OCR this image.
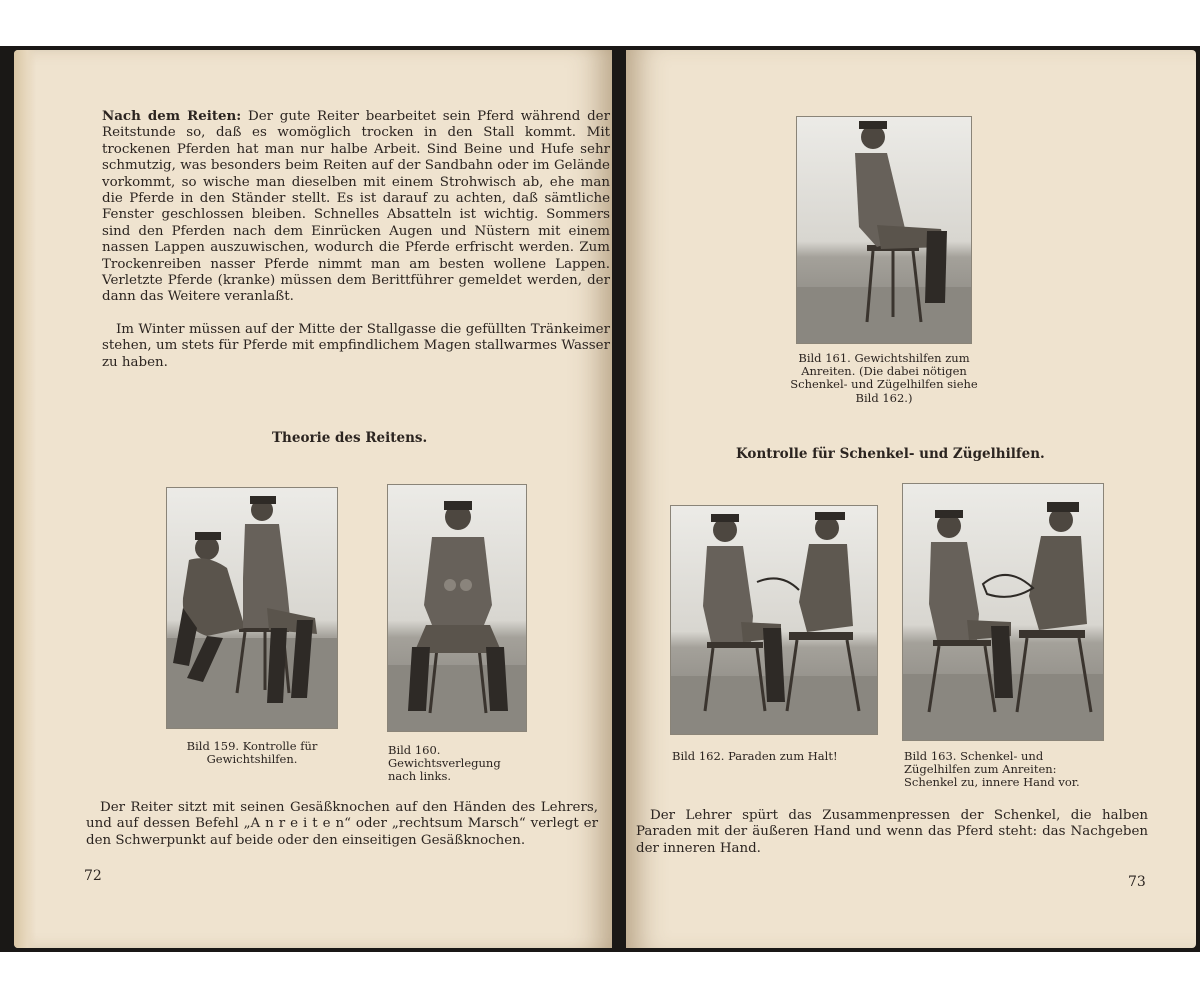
Nach dem Reiten: Der gute Reiter bearbeitet sein Pferd während der Reitstunde so, daß es womöglich trocken in den Stall kommt. Mit trockenen Pferden hat man nur halbe Arbeit. Sind Beine und Hufe sehr schmutzig, was besonders beim Reiten auf der Sandbahn oder im Gelände vorkommt, so wische man dieselben mit einem Strohwisch ab, ehe man die Pferde in den Ständer stellt. Es ist darauf zu achten, daß sämtliche Fenster geschlossen bleiben. Schnelles Absatteln ist wichtig. Sommers sind den Pferden nach dem Einrücken Augen und Nüstern mit einem nassen Lappen auszuwischen, wodurch die Pferde erfrischt werden. Zum Trockenreiben nasser Pferde nimmt man am besten wollene Lappen. Verletzte Pferde (kranke) müssen dem Berittführer gemeldet werden, der dann das Weitere veranlaßt.

Im Winter müssen auf der Mitte der Stallgasse die gefüllten Tränkeimer stehen, um stets für Pferde mit empfindlichem Magen stallwarmes Wasser zu haben.

Theorie des Reitens.
Bild 159. Kontrolle für Gewichtshilfen.
Bild 160. Gewichtsverlegung nach links.

Der Reiter sitzt mit seinen Gesäßknochen auf den Händen des Lehrers, und auf dessen Befehl „A n r e i t e n“ oder „rechtsum Marsch“ verlegt er den Schwerpunkt auf beide oder den einseitigen Gesäßknochen.

72
Bild 161. Gewichtshilfen zum Anreiten. (Die dabei nötigen Schenkel- und Zügelhilfen siehe Bild 162.)
Kontrolle für Schenkel- und Zügelhilfen.
Bild 162. Paraden zum Halt!	Bild 163. Schenkel- und Zügelhilfen zum Anreiten: Schenkel zu, innere Hand vor.

Der Lehrer spürt das Zusammenpressen der Schenkel, die halben Paraden mit der äußeren Hand und wenn das Pferd steht: das Nachgeben der inneren Hand.

73
